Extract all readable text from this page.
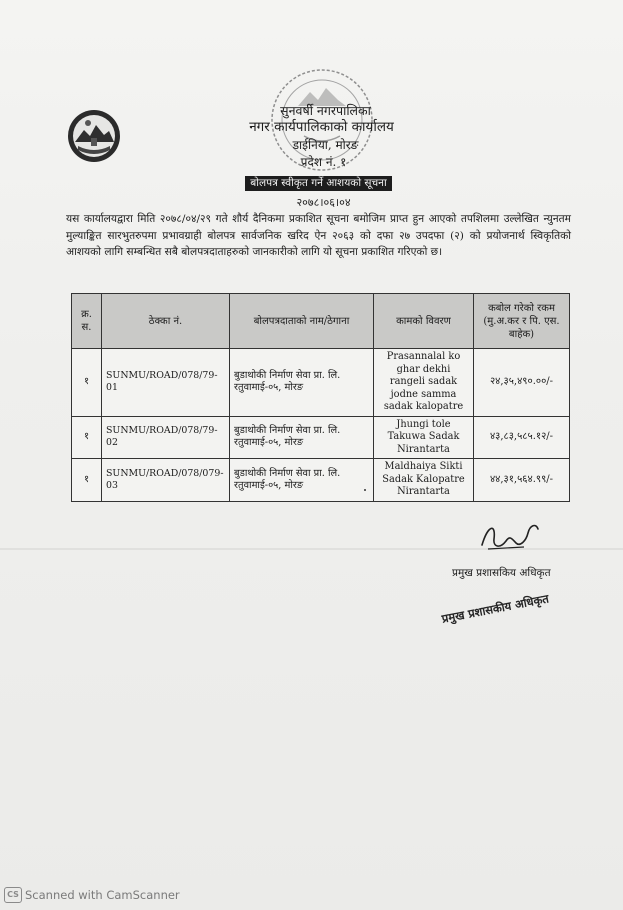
सुनवर्षी नगरपालिका
नगर कार्यपालिकाको कार्यालय
डाईनिया, मोरङ
प्रदेश नं. १
बोलपत्र स्वीकृत गर्ने आशयको सूचना
२०७८।०६।०४
यस कार्यालयद्वारा मिति २०७८/०४/२९ गते शौर्य दैनिकमा प्रकाशित सूचना बमोजिम प्राप्त हुन आएको तपशिलमा उल्लेखित न्युनतम मुल्याङ्कित सारभुतरुपमा प्रभावग्राही बोलपत्र सार्वजनिक खरिद ऐन २०६३ को दफा २७ उपदफा (२) को प्रयोजनार्थ स्विकृतिको आशयको लागि सम्बन्धित सबै बोलपत्रदाताहरुको जानकारीको लागि यो सूचना प्रकाशित गरिएको छ।
क्र. स.	ठेक्का नं.	बोलपत्रदाताको नाम/ठेगाना	कामको विवरण	कबोल गरेको रकम (मु.अ.कर र पि. एस. बाहेक)
१	SUNMU/ROAD/078/79-01	बुडाथोकी निर्माण सेवा प्रा. लि. रतुवामाई-०५, मोरङ	Prasannalal ko ghar dekhi rangeli sadak jodne samma sadak kalopatre	२४,३५,४९०.००/-
१	SUNMU/ROAD/078/79-02	बुडाथोकी निर्माण सेवा प्रा. लि. रतुवामाई-०५, मोरङ	Jhungi tole Takuwa Sadak Nirantarta	४३,८३,५८५.१२/-
१	SUNMU/ROAD/078/079-03	बुडाथोकी निर्माण सेवा प्रा. लि. रतुवामाई-०५, मोरङ	Maldhaiya Sikti Sadak Kalopatre Nirantarta	४४,३१,५६४.९९/-
प्रमुख प्रशासकिय अधिकृत
प्रमुख प्रशासकीय अधिकृत
CS Scanned with CamScanner
